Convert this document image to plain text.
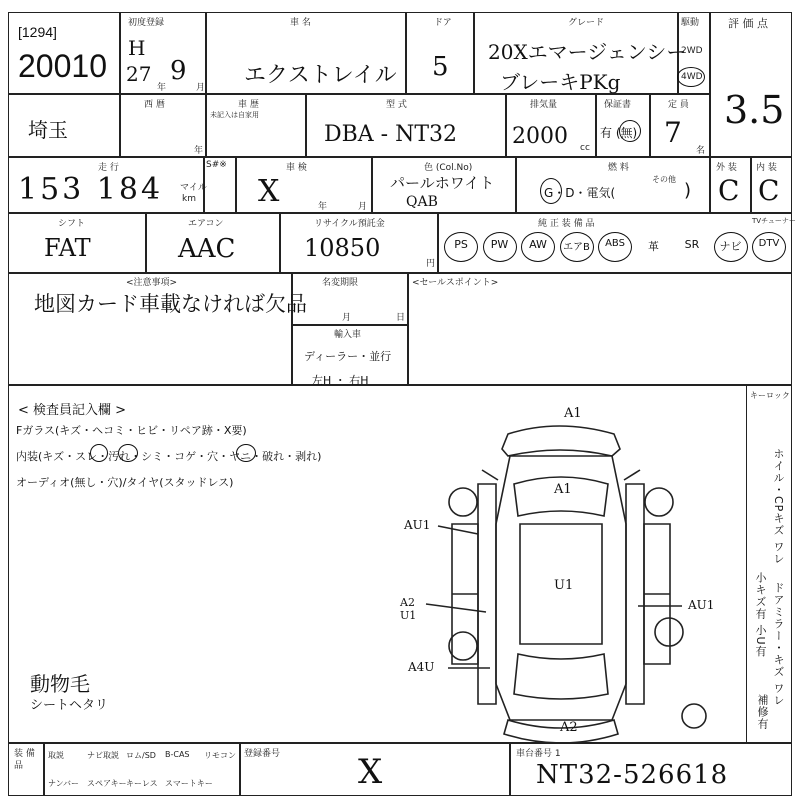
[1294]
20010
初度登録
H
27
年
9
月
車 名
エクストレイル
ドア
5
グレード
20Xエマージェンシー
ブレーキPKg
駆動
2WD
4WD
評 価 点
3.5
埼玉
西 暦
年
車 歴
未記入は自家用
型 式
DBA - NT32
排気量
2000 cc
保証書
有 (無)
定 員
7
名
走 行
153 184 マイル
km
S#※	車 検
X	年	月
色 (Col.No)
パールホワイト
QAB
燃 料
G・D・電気(
その他
)
外 装
C
内 装
C
シフト
FAT
エアコン
AAC
リサイクル預託金
10850
円
純 正 装 備 品	TVチューナー
<注意事項>
地図カード車載なければ欠品
名変期限
月	日
輸入車
ディーラー・並行
左H ・ 右H
<セールスポイント>
< 検査員記入欄 >
Fガラス(キズ・ヘコミ・ヒビ・リペア跡・X要)
内装(キズ・スレ・汚れ・シミ・コゲ・穴・ヤニ・破れ・剥れ)
オーディオ(無し・穴)/タイヤ(スタッドレス)
動物毛
シートヘタリ
キーロック
ホイル・CPキズ ワレ
小キズ有 小U有 ドアミラー・キズ ワレ
補修有
A1
A1
AU1
U1
A2 U1
AU1
A4U
A2
装 備 品
登録番号 X	車台番号 1
NT32-526618
PS	PW	AW	エアB	ABS	革	SR	ナビ	DTV
取説	ナビ取説 ロム/SD B-CAS リモコン
ナンバー スペアキー キーレス スマートキー
